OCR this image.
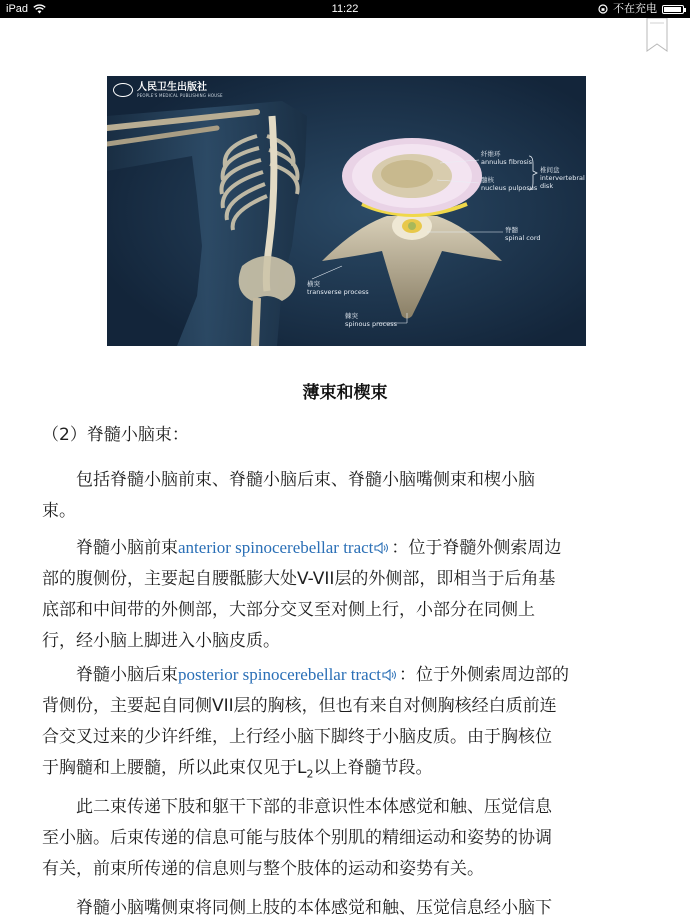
iPad	11:22	不在充电
人民卫生出版社
PEOPLE'S MEDICAL PUBLISHING HOUSE
纤维环
annulus fibrosis
椎间盘
intervertebral disk
髓核
nucleus pulposus
脊髓
spinal cord
横突
transverse process
棘突
spinous process
薄束和楔束
（2）脊髓小脑束：
包括脊髓小脑前束、脊髓小脑后束、脊髓小脑嘴侧束和楔小脑
束。
脊髓小脑前束anterior spinocerebellar tract ：位于脊髓外侧索周边
部的腹侧份，主要起自腰骶膨大处V-VII层的外侧部，即相当于后角基
底部和中间带的外侧部，大部分交叉至对侧上行，小部分在同侧上
行，经小脑上脚进入小脑皮质。
脊髓小脑后束posterior spinocerebellar tract ：位于外侧索周边部的
背侧份，主要起自同侧VII层的胸核，但也有来自对侧胸核经白质前连
合交叉过来的少许纤维，上行经小脑下脚终于小脑皮质。由于胸核位
于胸髓和上腰髓，所以此束仅见于$L_2$以上脊髓节段。
此二束传递下肢和躯干下部的非意识性本体感觉和触、压觉信息
至小脑。后束传递的信息可能与肢体个别肌的精细运动和姿势的协调
有关，前束所传递的信息则与整个肢体的运动和姿势有关。
脊髓小脑嘴侧束将同侧上肢的本体感觉和触、压觉信息经小脑下
